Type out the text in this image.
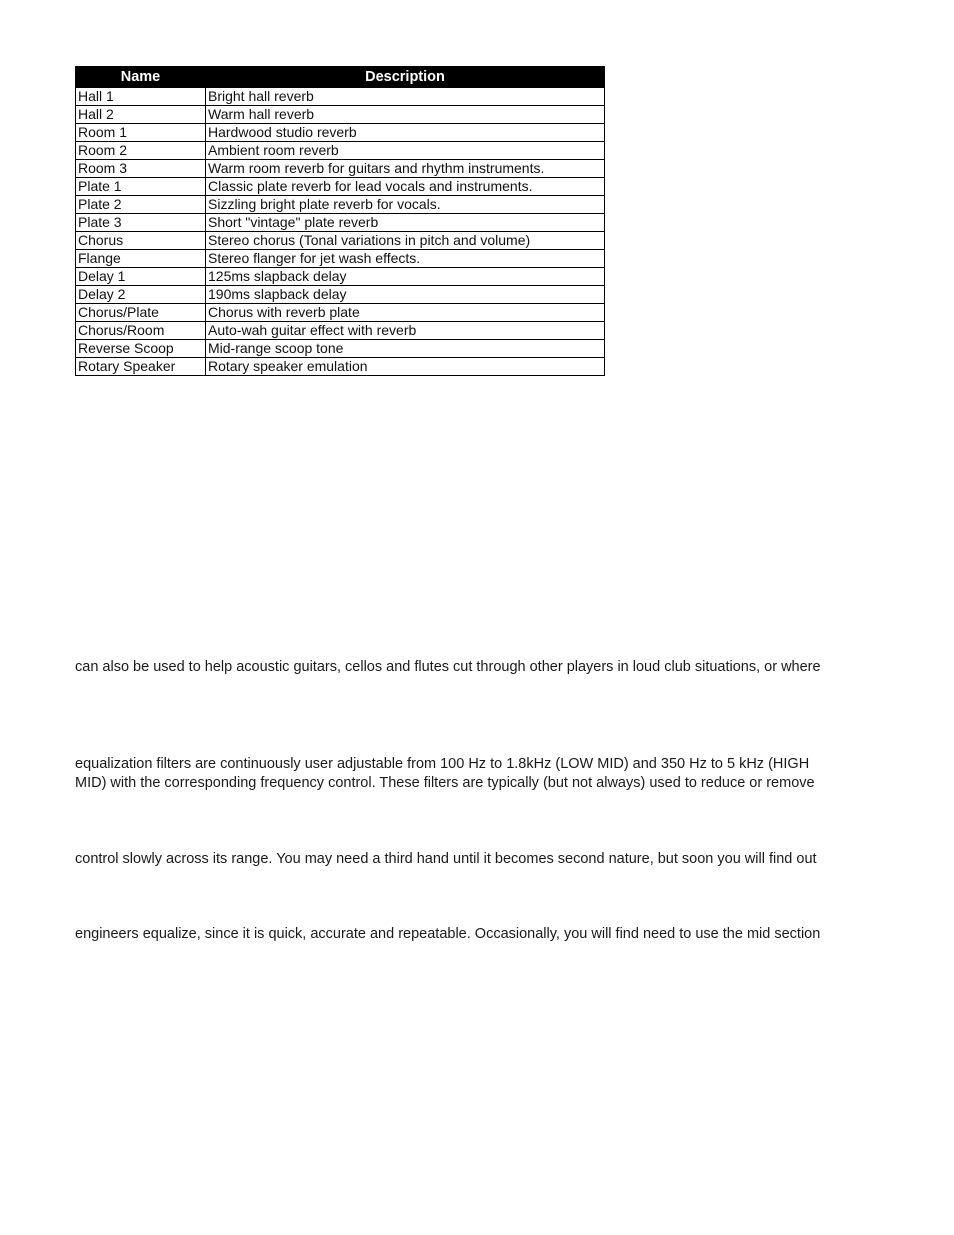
Name	Description
Hall 1	Bright hall reverb
Hall 2	Warm hall reverb
Room 1	Hardwood studio reverb
Room 2	Ambient room reverb
Room 3	Warm room reverb for guitars and rhythm instruments.
Plate 1	Classic plate reverb for lead vocals and instruments.
Plate 2	Sizzling bright plate reverb for vocals.
Plate 3	Short "vintage" plate reverb
Chorus	Stereo chorus (Tonal variations in pitch and volume)
Flange	Stereo flanger for jet wash effects.
Delay 1	125ms slapback delay
Delay 2	190ms slapback delay
Chorus/Plate	Chorus with reverb plate
Chorus/Room	Auto-wah guitar effect with reverb
Reverse Scoop	Mid-range scoop tone
Rotary Speaker	Rotary speaker emulation

can also be used to help acoustic guitars, cellos and flutes cut through other players in loud club situations, or where

equalization filters are continuously user adjustable from 100 Hz to 1.8kHz (LOW MID) and 350 Hz to 5 kHz (HIGH

MID) with the corresponding frequency control. These filters are typically (but not always) used to reduce or remove

control slowly across its range. You may need a third hand until it becomes second nature, but soon you will find out

engineers equalize, since it is quick, accurate and repeatable. Occasionally, you will find need to use the mid section
